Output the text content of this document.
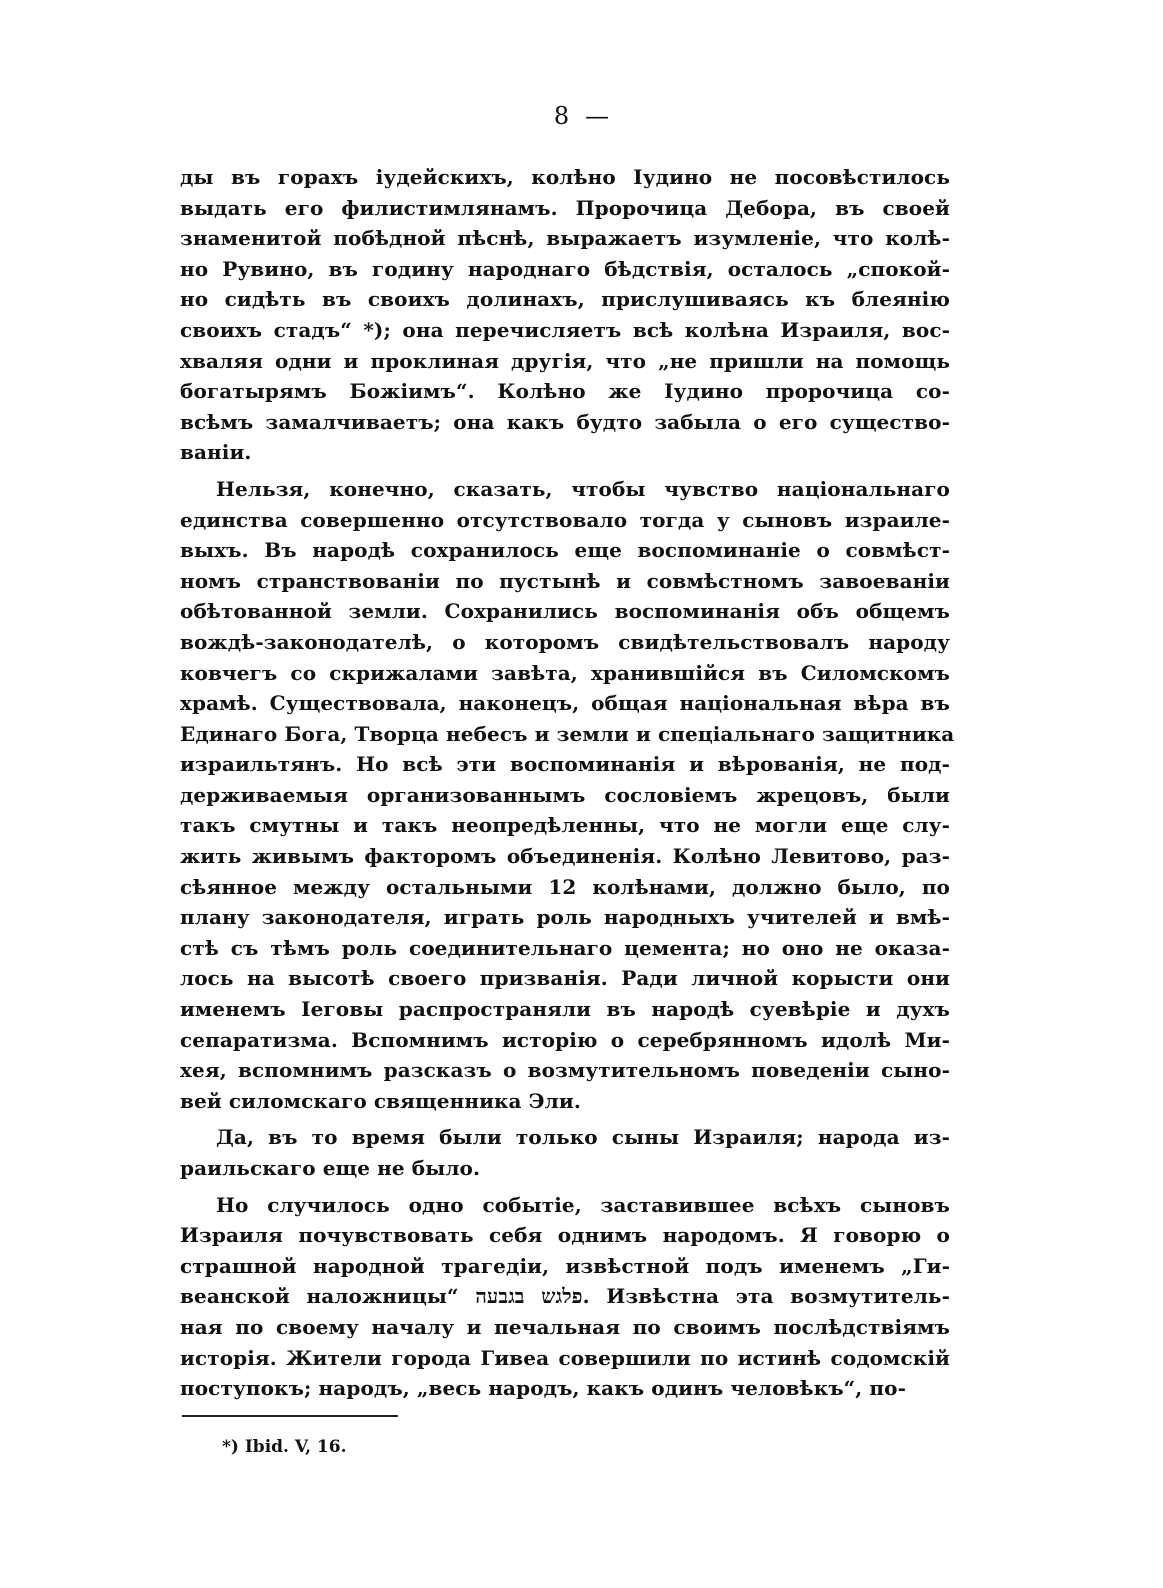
8 —
ды въ горахъ іудейскихъ, колѣно Іудино не посовѣстилось
выдать его филистимлянамъ. Пророчица Дебора, въ своей
знаменитой побѣдной пѣснѣ, выражаетъ изумленіе, что колѣ-
но Рувино, въ годину народнаго бѣдствія, осталось „спокой-
но сидѣть въ своихъ долинахъ, прислушиваясь къ блеянію
своихъ стадъ“ *); она перечисляетъ всѣ колѣна Израиля, вос-
хваляя одни и проклиная другія, что „не пришли на помощь
богатырямъ Божіимъ“. Колѣно же Іудино пророчица со-
всѣмъ замалчиваетъ; она какъ будто забыла о его существо-
ваніи.
Нельзя, конечно, сказать, чтобы чувство національнаго
единства совершенно отсутствовало тогда у сыновъ израиле-
выхъ. Въ народѣ сохранилось еще воспоминаніе о совмѣст-
номъ странствованіи по пустынѣ и совмѣстномъ завоеваніи
обѣтованной земли. Сохранились воспоминанія объ общемъ
вождѣ-законодателѣ, о которомъ свидѣтельствовалъ народу
ковчегъ со скрижалами завѣта, хранившійся въ Силомскомъ
храмѣ. Существовала, наконецъ, общая національная вѣра въ
Единаго Бога, Творца небесъ и земли и спеціальнаго защитника
израильтянъ. Но всѣ эти воспоминанія и вѣрованія, не под-
держиваемыя организованнымъ сословіемъ жрецовъ, были
такъ смутны и такъ неопредѣленны, что не могли еще слу-
жить живымъ факторомъ объединенія. Колѣно Левитово, раз-
сѣянное между остальными 12 колѣнами, должно было, по
плану законодателя, играть роль народныхъ учителей и вмѣ-
стѣ съ тѣмъ роль соединительнаго цемента; но оно не оказа-
лось на высотѣ своего призванія. Ради личной корысти они
именемъ Іеговы распространяли въ народѣ суевѣріе и духъ
сепаратизма. Вспомнимъ исторію о серебрянномъ идолѣ Ми-
хея, вспомнимъ разсказъ о возмутительномъ поведеніи сыно-
вей силомскаго священника Эли.
Да, въ то время были только сыны Израиля; народа из-
раильскаго еще не было.
Но случилось одно событіе, заставившее всѣхъ сыновъ
Израиля почувствовать себя однимъ народомъ. Я говорю о
страшной народной трагедіи, извѣстной подъ именемъ „Ги-
веанской наложницы“ פלגש בגבעה. Извѣстна эта возмутитель-
ная по своему началу и печальная по своимъ послѣдствіямъ
исторія. Жители города Гивеа совершили по истинѣ содомскій
поступокъ; народъ, „весь народъ, какъ одинъ человѣкъ“, по-
*) Ibid. V, 16.
